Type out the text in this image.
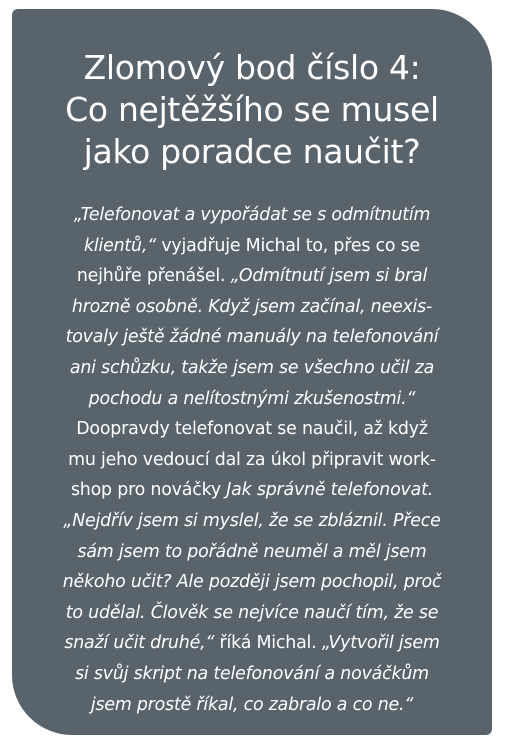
Zlomový bod číslo 4:
Co nejtěžšího se musel
jako poradce naučit?
„Telefonovat a vypořádat se s odmítnutím
klientů,“ vyjadřuje Michal to, přes co se
nejhůře přenášel. „Odmítnutí jsem si bral
hrozně osobně. Když jsem začínal, neexis-
tovaly ještě žádné manuály na telefonování
ani schůzku, takže jsem se všechno učil za
pochodu a nelítostnými zkušenostmi.“
Doopravdy telefonovat se naučil, až když
mu jeho vedoucí dal za úkol připravit work-
shop pro nováčky Jak správně telefonovat.
„Nejdřív jsem si myslel, že se zbláznil. Přece
sám jsem to pořádně neuměl a měl jsem
někoho učit? Ale později jsem pochopil, proč
to udělal. Člověk se nejvíce naučí tím, že se
snaží učit druhé,“ říká Michal. „Vytvořil jsem
si svůj skript na telefonování a nováčkům
jsem prostě říkal, co zabralo a co ne.“
